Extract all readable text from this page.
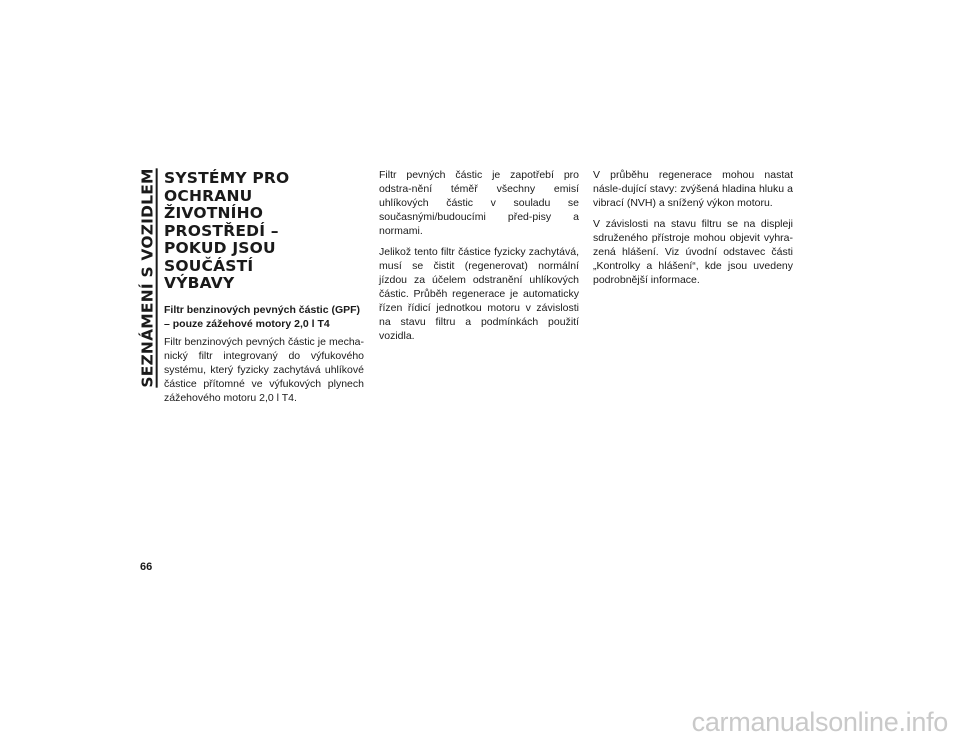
SEZNÁMENÍ S VOZIDLEM
66
SYSTÉMY PRO OCHRANU
ŽIVOTNÍHO PROSTŘEDÍ –
POKUD JSOU SOUČÁSTÍ
VÝBAVY
Filtr benzinových pevných částic (GPF) – pouze zážehové motory 2,0 l T4

Filtr benzinových pevných částic je mecha-nický filtr integrovaný do výfukového systému, který fyzicky zachytává uhlíkové částice přítomné ve výfukových plynech zážehového motoru 2,0 l T4.

Filtr pevných částic je zapotřebí pro odstra-nění téměř všechny emisí uhlíkových částic v souladu se současnými/budoucími před-pisy a normami.

Jelikož tento filtr částice fyzicky zachytává, musí se čistit (regenerovat) normální jízdou za účelem odstranění uhlíkových částic. Průběh regenerace je automaticky řízen řídicí jednotkou motoru v závislosti na stavu filtru a podmínkách použití vozidla.

V průběhu regenerace mohou nastat násle-dující stavy: zvýšená hladina hluku a vibrací (NVH) a snížený výkon motoru.

V závislosti na stavu filtru se na displeji sdruženého přístroje mohou objevit vyhra-zená hlášení. Viz úvodní odstavec části „Kontrolky a hlášení“, kde jsou uvedeny podrobnější informace.

carmanualsonline.info
